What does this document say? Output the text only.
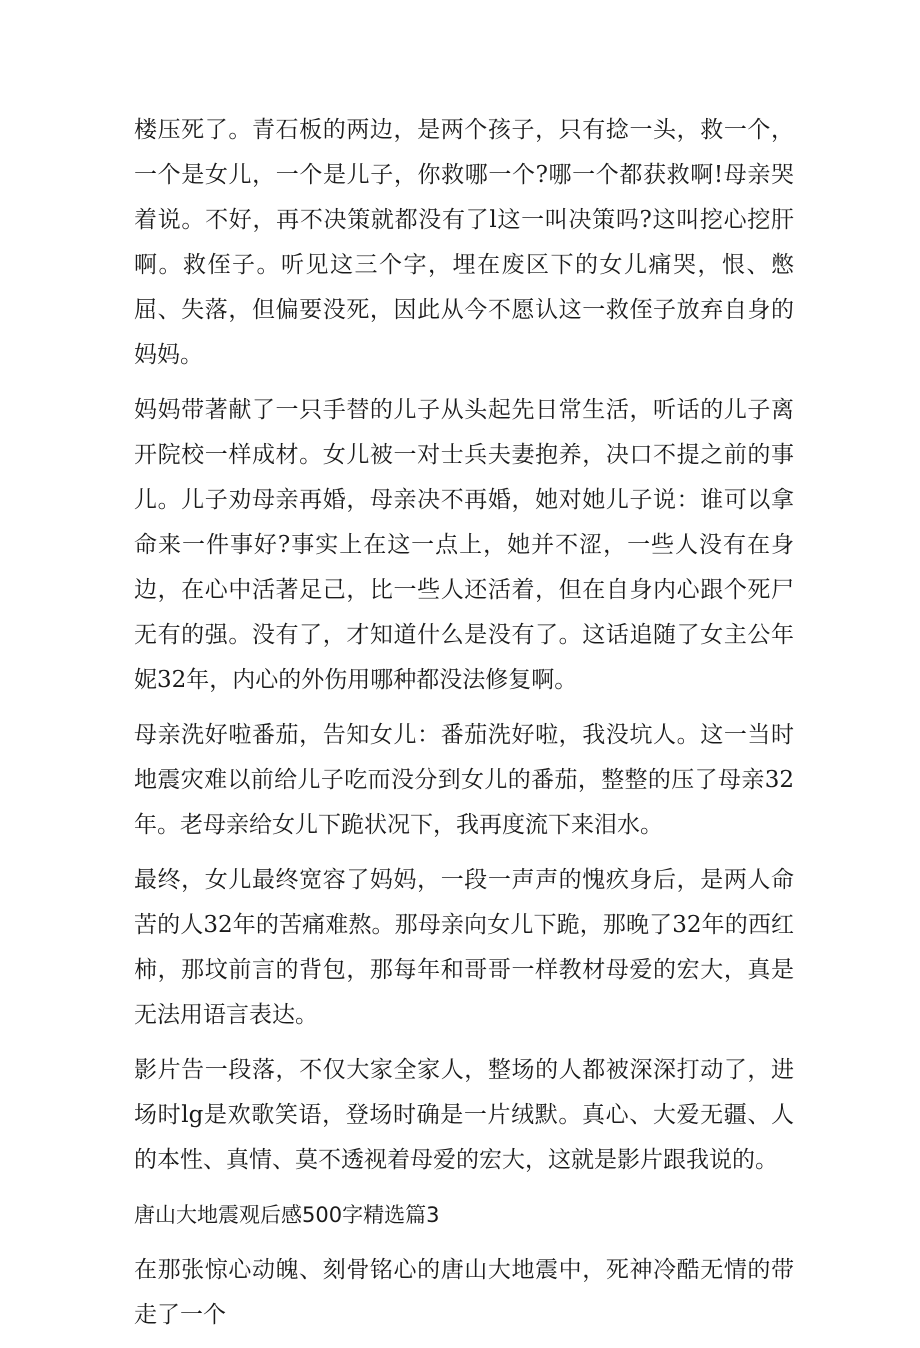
楼压死了。青石板的两边，是两个孩子，只有捻一头，救一个，一个是女儿，一个是儿子，你救哪一个?哪一个都获救啊!母亲哭着说。不好，再不决策就都没有了l这一叫决策吗?这叫挖心挖肝啊。救侄子。听见这三个字，埋在废区下的女儿痛哭，恨、憋屈、失落，但偏要没死，因此从今不愿认这一救侄子放弃自身的妈妈。

妈妈带著献了一只手替的儿子从头起先日常生活，听话的儿子离开院校一样成材。女儿被一对士兵夫妻抱养，决口不提之前的事儿。儿子劝母亲再婚，母亲决不再婚，她对她儿子说：谁可以拿命来一件事好?事实上在这一点上，她并不涩，一些人没有在身边，在心中活著足己，比一些人还活着，但在自身内心跟个死尸无有的强。没有了，才知道什么是没有了。这话追随了女主公年妮32年，内心的外伤用哪种都没法修复啊。

母亲洗好啦番茄，告知女儿：番茄洗好啦，我没坑人。这一当时地震灾难以前给儿子吃而没分到女儿的番茄，整整的压了母亲32年。老母亲给女儿下跪状况下，我再度流下来泪水。

最终，女儿最终宽容了妈妈，一段一声声的愧疚身后，是两人命苦的人32年的苦痛难熬。那母亲向女儿下跪，那晚了32年的西红柿，那坟前言的背包，那每年和哥哥一样教材母爱的宏大，真是无法用语言表达。

影片告一段落，不仅大家全家人，整场的人都被深深打动了，进场时lg是欢歌笑语，登场时确是一片绒默。真心、大爱无疆、人的本性、真情、莫不透视着母爱的宏大，这就是影片跟我说的。

唐山大地震观后感500字精选篇3

在那张惊心动魄、刻骨铭心的唐山大地震中，死神冷酷无情的带走了一个
